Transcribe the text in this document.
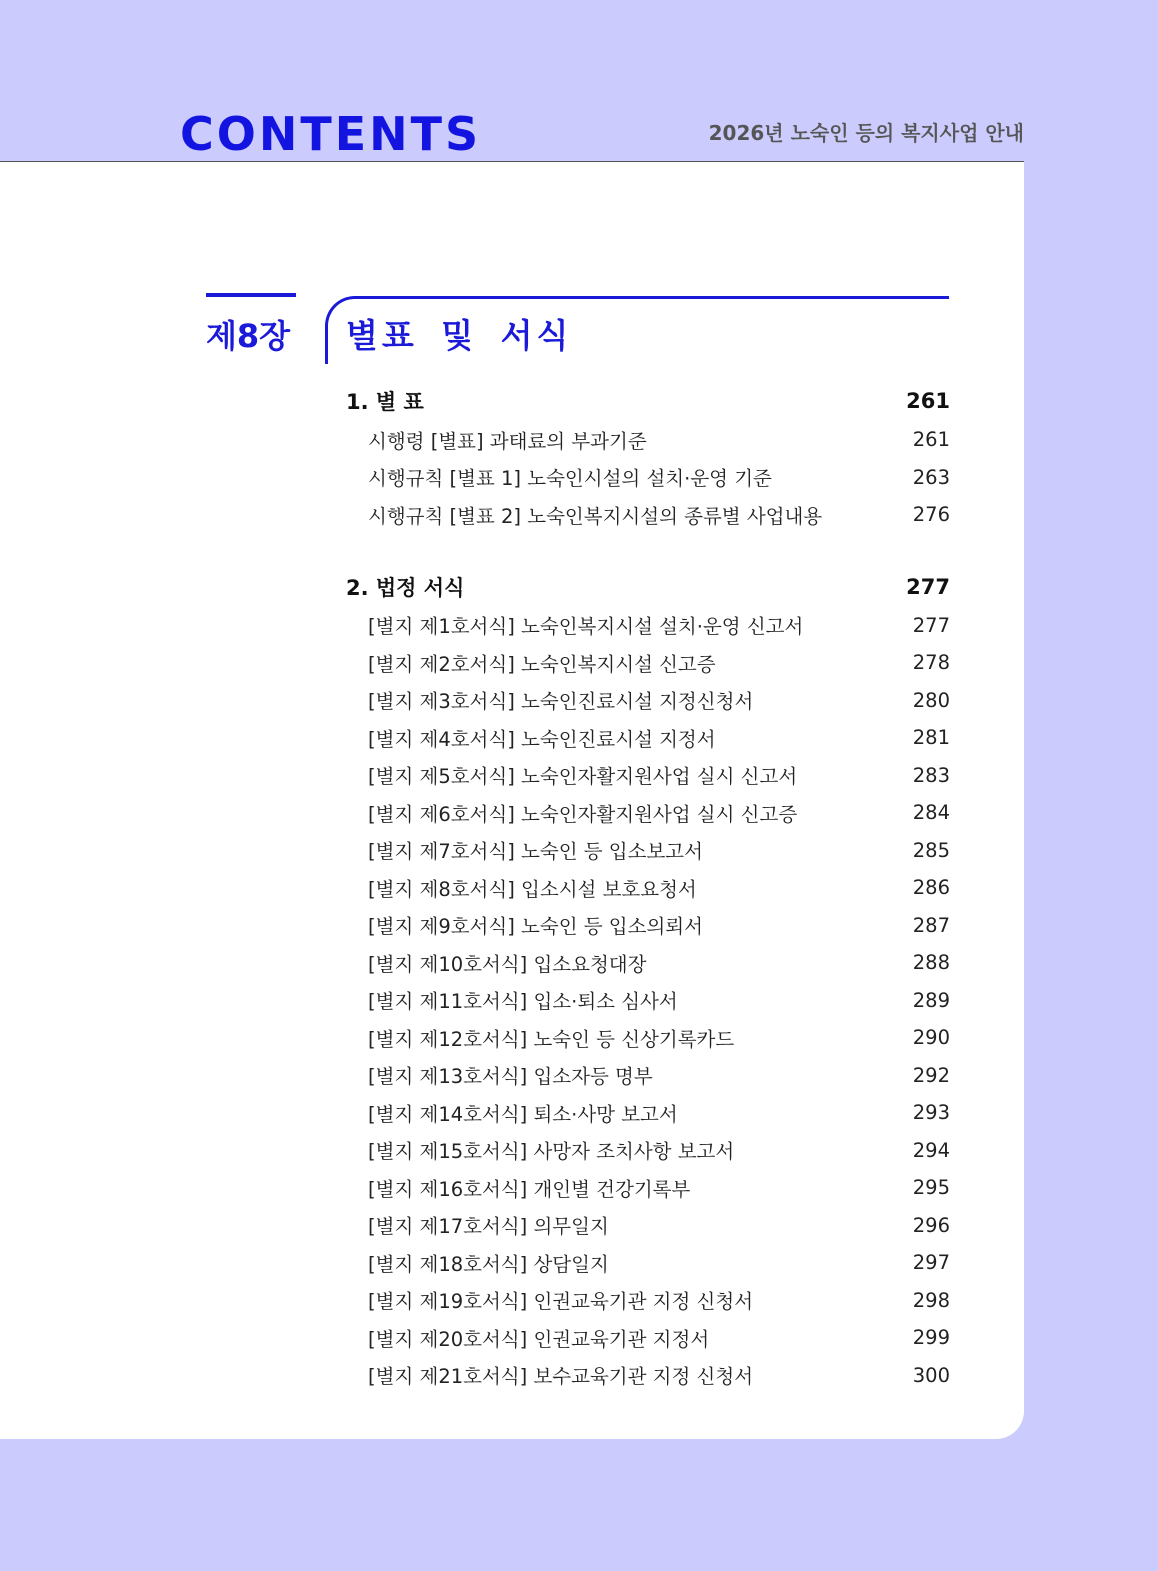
CONTENTS	2026년 노숙인 등의 복지사업 안내
제8장 별표 및 서식
1. 별 표	261
시행령 [별표] 과태료의 부과기준	261
시행규칙 [별표 1] 노숙인시설의 설치·운영 기준	263
시행규칙 [별표 2] 노숙인복지시설의 종류별 사업내용	276
2. 법정 서식	277
[별지 제1호서식] 노숙인복지시설 설치·운영 신고서	277
[별지 제2호서식] 노숙인복지시설 신고증	278
[별지 제3호서식] 노숙인진료시설 지정신청서	280
[별지 제4호서식] 노숙인진료시설 지정서	281
[별지 제5호서식] 노숙인자활지원사업 실시 신고서	283
[별지 제6호서식] 노숙인자활지원사업 실시 신고증	284
[별지 제7호서식] 노숙인 등 입소보고서	285
[별지 제8호서식] 입소시설 보호요청서	286
[별지 제9호서식] 노숙인 등 입소의뢰서	287
[별지 제10호서식] 입소요청대장	288
[별지 제11호서식] 입소·퇴소 심사서	289
[별지 제12호서식] 노숙인 등 신상기록카드	290
[별지 제13호서식] 입소자등 명부	292
[별지 제14호서식] 퇴소·사망 보고서	293
[별지 제15호서식] 사망자 조치사항 보고서	294
[별지 제16호서식] 개인별 건강기록부	295
[별지 제17호서식] 의무일지	296
[별지 제18호서식] 상담일지	297
[별지 제19호서식] 인권교육기관 지정 신청서	298
[별지 제20호서식] 인권교육기관 지정서	299
[별지 제21호서식] 보수교육기관 지정 신청서	300
